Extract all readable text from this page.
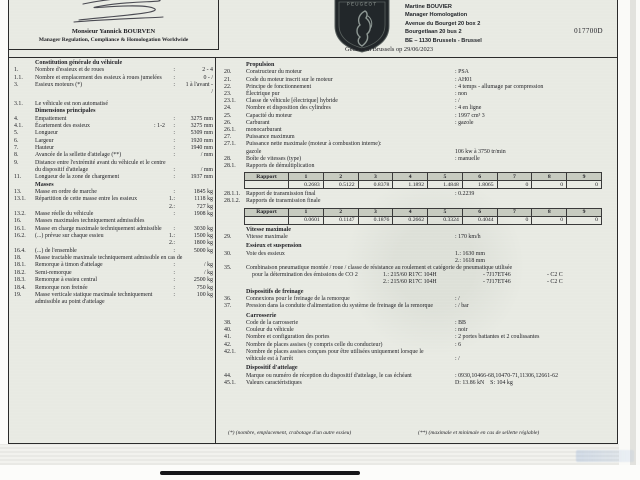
Monsieur Yannick BOURVEN
Manager Regulation, Compliance & Homologation Worldwide
PEUGEOT	Martine BOUVIER
Manager Homologation
Avenue du Bourget 20 box 2
Bourgetlaan 20 bus 2
BE – 1130 Brussels - Brussel
017700D
Gedaan in Brussels op 29/06/2023
Constitution générale du véhicule
1.	Nombre d'essieux et de roues	:	2 - 4
1.1.	Nombre et emplacement des essieux à roues jumelées	:	0 - /
3.	Essieux moteurs (*)	:	1 à l'avant -
/
3.1.	Le véhicule est non automatisé
Dimensions principales
4.	Empattement	:	3275 mm
4.1.	Écartement des essieux	: 1-2	:	3275 mm
5.	Longueur	:	5309 mm
6.	Largeur	:	1920 mm
7.	Hauteur	:	1940 mm
8.	Avancée de la sellette d'attelage (**)	:	/ mm
9.	Distance entre l'extrémité avant du véhicule et le centre
du dispositif d'attelage	:	/ mm
11.	Longueur de la zone de chargement	:	1937 mm
Masses
13.	Masse en ordre de marche	:	1845 kg
13.1.	Répartition de cette masse entre les essieux	1.:	1118 kg
2.:	727 kg
13.2.	Masse réelle du véhicule	:	1908 kg
16.	Masses maximales techniquement admissibles
16.1.	Masse en charge maximale techniquement admissible	:	3030 kg
16.2.	(...) prévue sur chaque essieu	1.:	1500 kg
2.:	1800 kg
16.4.	(...) de l'ensemble	:	5000 kg
18.	Masse tractable maximale techniquement admissible en cas de
18.1.	Remorque à timon d'attelage	:	/ kg
18.2.	Semi-remorque	:	/ kg
18.3.	Remorque à essieu central	:	2500 kg
18.4.	Remorque non freinée	:	750 kg
19.	Masse verticale statique maximale techniquement	:	100 kg
admissible au point d'attelage
(*) (nombre, emplacement, crabotage d'un autre essieu)	(**) (maximale et minimale en cas de sellette réglable)
Propulsion
20.	Constructeur du moteur	: PSA
21.	Code du moteur inscrit sur le moteur	: AH01
22.	Principe de fonctionnement	: 4 temps - allumage par compression
23.	Électrique pur	: non
23.1.	Classe de véhicule [électrique] hybride	: /
24.	Nombre et disposition des cylindres	: 4 en ligne
25.	Capacité du moteur	: 1997 cm³ 3
26.	Carburant	: gazole
26.1.	monocarburant
27.	Puissance maximum
27.1.	Puissance nette maximale (moteur à combustion interne):
gazole	106 kw à 3750 tr/min
28.	Boîte de vitesses (type)	: manuelle
28.1.	Rapports de démultiplication
Rapport	1	2	3	4	5	6	7	8	9
	0.2683	0.5122	0.8378	1.1892	1.4848	1.8065	0	0	0
28.1.1. Rapport de transmission final	: 0.2239
28.1.2. Rapports de transmission finale
Rapport	1	2	3	4	5	6	7	8	9
	0.0601	0.1147	0.1876	0.2662	0.3324	0.4044	0	0	0
Vitesse maximale
29.	Vitesse maximale	: 170 km/h
Essieux et suspension
30.	Voie des essieux	1.: 1630 mm
2.: 1618 mm
35.	Combinaison pneumatique montée / roue / classe de résistance au roulement et catégorie de pneumatique utilisée
pour la détermination des émissions de CO 2	1.: 215/60 R17C 104H	- 7J17ET46	- C2 C
2.: 215/60 R17C 104H	- 7J17ET46	- C2 C
Dispositifs de freinage
36.	Connexions pour le freinage de la remorque	: /
37.	Pression dans la conduite d'alimentation du système de freinage de la remorque	: / bar
Carrosserie
38.	Code de la carrosserie	: BB
40.	Couleur du véhicule	: noir
41.	Nombre et configuration des portes	: 2 portes battantes et 2 coulissantes
42.	Nombre de places assises (y compris celle du conducteur)	: 6
42.1.	Nombre de places assises conçues pour être utilisées uniquement lorsque le
véhicule est à l'arrêt	: /
Dispositif d'attelage
44.	Marque ou numéro de réception du dispositif d'attelage, le cas échéant	: 0930,10466-68,10470-71,11306,12661-62
45.1.	Valeurs caractéristiques	D: 13.86 kN S: 104 kg
